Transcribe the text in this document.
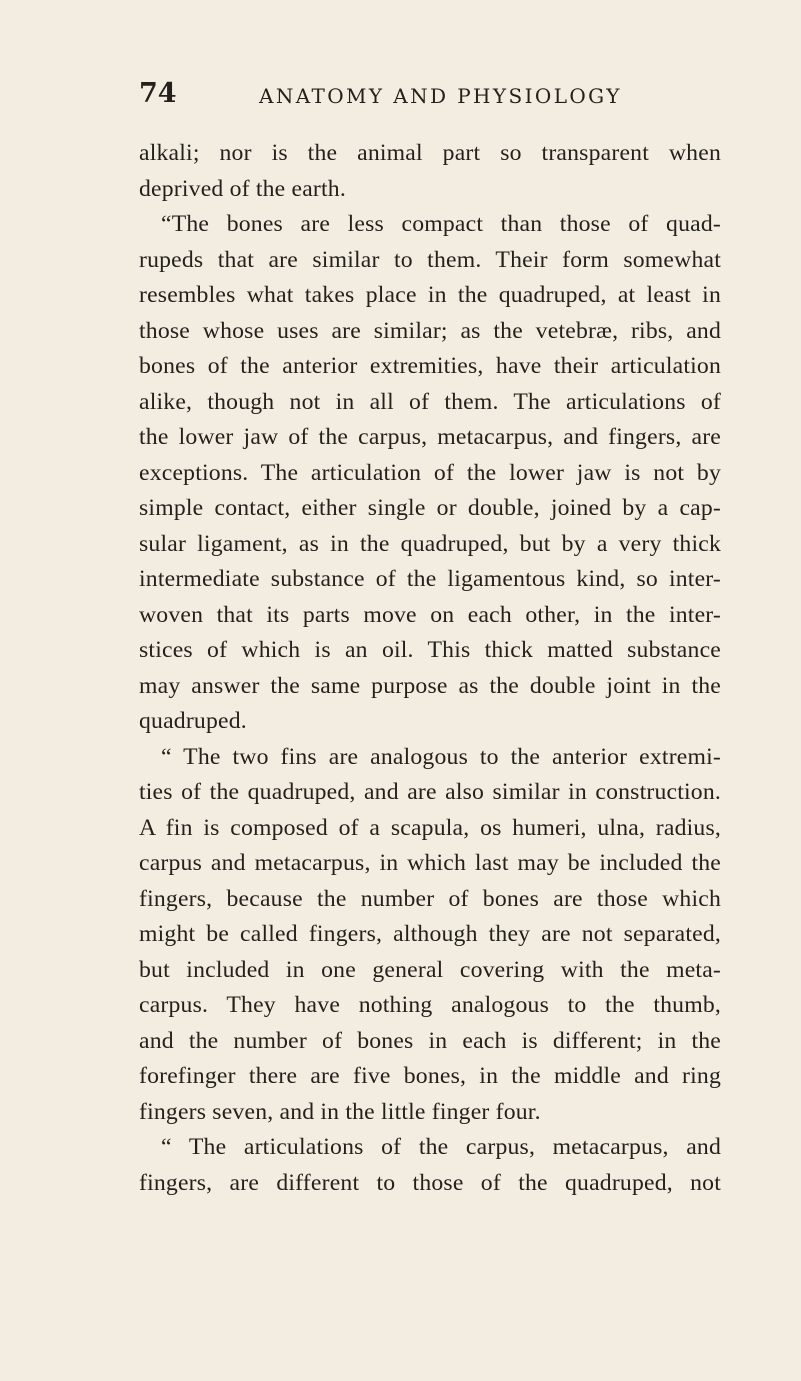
74	ANATOMY AND PHYSIOLOGY
alkali; nor is the animal part so transparent when
deprived of the earth.
“The bones are less compact than those of quad-
rupeds that are similar to them. Their form somewhat
resembles what takes place in the quadruped, at least in
those whose uses are similar; as the vetebræ, ribs, and
bones of the anterior extremities, have their articulation
alike, though not in all of them. The articulations of
the lower jaw of the carpus, metacarpus, and fingers, are
exceptions. The articulation of the lower jaw is not by
simple contact, either single or double, joined by a cap-
sular ligament, as in the quadruped, but by a very thick
intermediate substance of the ligamentous kind, so inter-
woven that its parts move on each other, in the inter-
stices of which is an oil. This thick matted substance
may answer the same purpose as the double joint in the
quadruped.
“ The two fins are analogous to the anterior extremi-
ties of the quadruped, and are also similar in construction.
A fin is composed of a scapula, os humeri, ulna, radius,
carpus and metacarpus, in which last may be included the
fingers, because the number of bones are those which
might be called fingers, although they are not separated,
but included in one general covering with the meta-
carpus. They have nothing analogous to the thumb,
and the number of bones in each is different; in the
forefinger there are five bones, in the middle and ring
fingers seven, and in the little finger four.
“ The articulations of the carpus, metacarpus, and
fingers, are different to those of the quadruped, not
